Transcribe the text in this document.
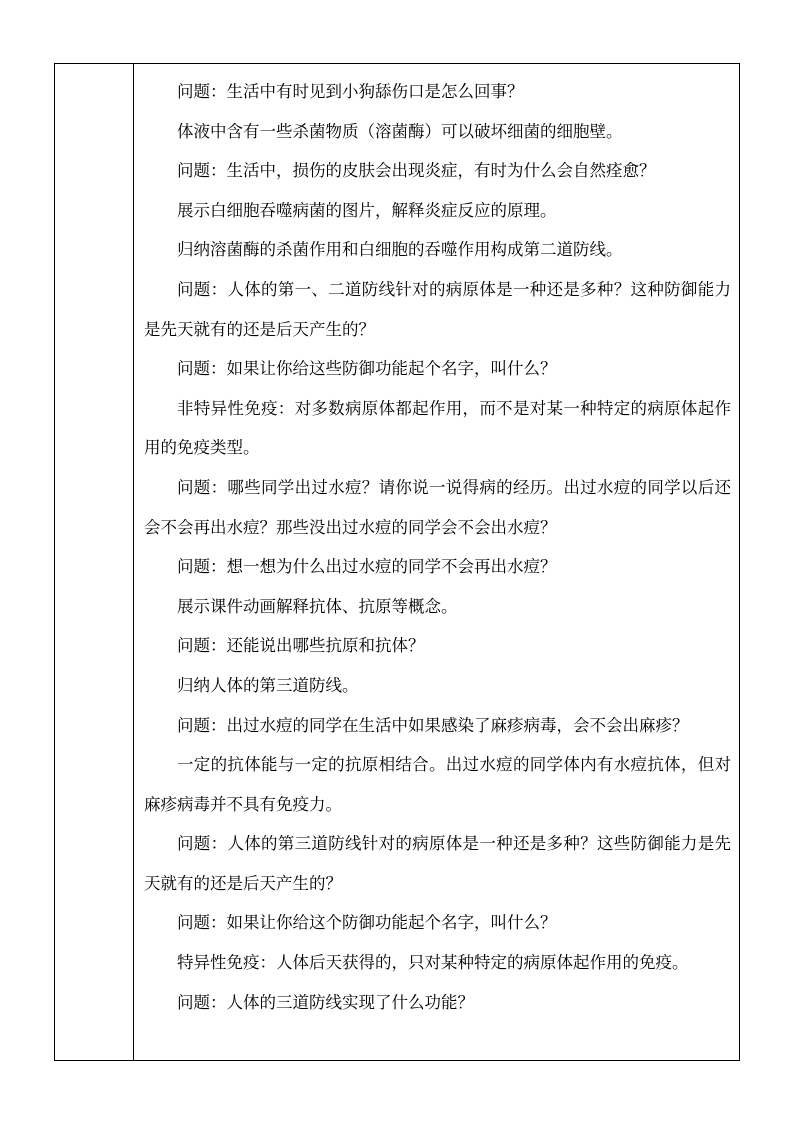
问题：生活中有时见到小狗舔伤口是怎么回事？

体液中含有一些杀菌物质（溶菌酶）可以破坏细菌的细胞壁。

问题：生活中，损伤的皮肤会出现炎症，有时为什么会自然痊愈？

展示白细胞吞噬病菌的图片，解释炎症反应的原理。

归纳溶菌酶的杀菌作用和白细胞的吞噬作用构成第二道防线。

问题：人体的第一、二道防线针对的病原体是一种还是多种？这种防御能力是先天就有的还是后天产生的？

问题：如果让你给这些防御功能起个名字，叫什么？

非特异性免疫：对多数病原体都起作用，而不是对某一种特定的病原体起作用的免疫类型。

问题：哪些同学出过水痘？请你说一说得病的经历。出过水痘的同学以后还会不会再出水痘？那些没出过水痘的同学会不会出水痘？

问题：想一想为什么出过水痘的同学不会再出水痘？

展示课件动画解释抗体、抗原等概念。

问题：还能说出哪些抗原和抗体？

归纳人体的第三道防线。

问题：出过水痘的同学在生活中如果感染了麻疹病毒，会不会出麻疹？

一定的抗体能与一定的抗原相结合。出过水痘的同学体内有水痘抗体，但对麻疹病毒并不具有免疫力。

问题：人体的第三道防线针对的病原体是一种还是多种？这些防御能力是先天就有的还是后天产生的？

问题：如果让你给这个防御功能起个名字，叫什么？

特异性免疫：人体后天获得的，只对某种特定的病原体起作用的免疫。

问题：人体的三道防线实现了什么功能？
